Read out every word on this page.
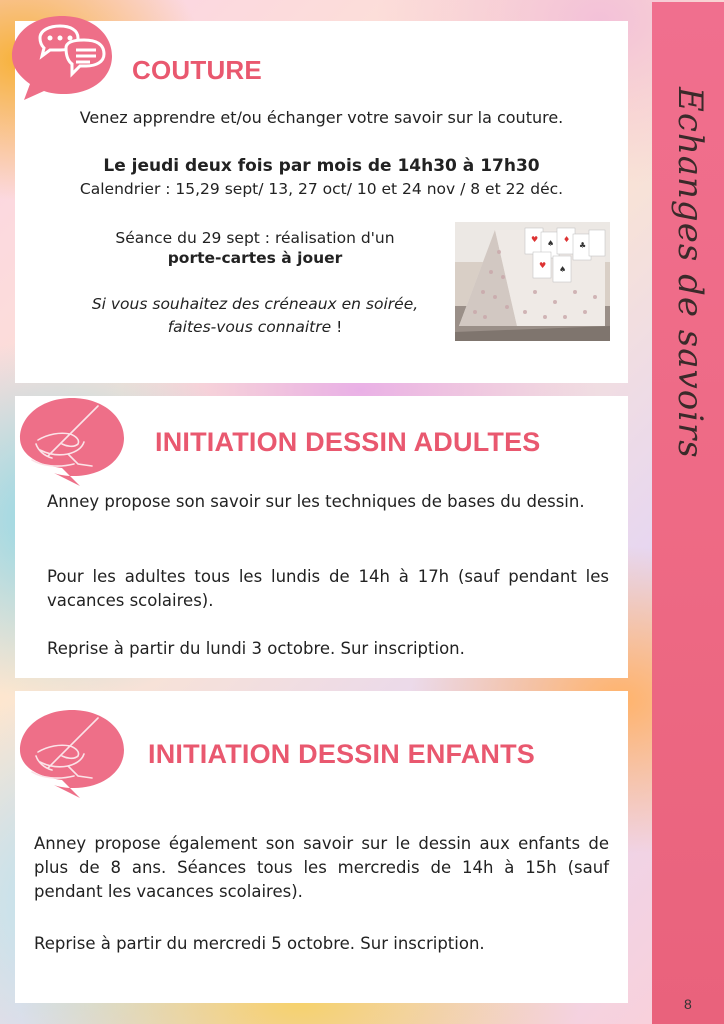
Echanges de savoirs
8
COUTURE
Venez apprendre et/ou échanger votre savoir sur la couture.
Le jeudi deux fois par mois de 14h30 à 17h30
Calendrier : 15,29 sept/ 13, 27 oct/ 10 et 24 nov / 8 et 22 déc.
Séance du 29 sept : réalisation d'un
porte-cartes à jouer
Si vous souhaitez des créneaux en soirée,
faites-vous connaitre !
♥ ♠ ♦
♣
♥ ♠
INITIATION DESSIN ADULTES
Anney propose son savoir sur les techniques de bases du dessin.
Pour les adultes tous les lundis de 14h à 17h (sauf pendant les vacances scolaires).
Reprise à partir du lundi 3 octobre. Sur inscription.
INITIATION DESSIN ENFANTS
Anney propose également son savoir sur le dessin aux enfants de plus de 8 ans. Séances tous les mercredis de 14h à 15h (sauf pendant les vacances scolaires).
Reprise à partir du mercredi 5 octobre. Sur inscription.
